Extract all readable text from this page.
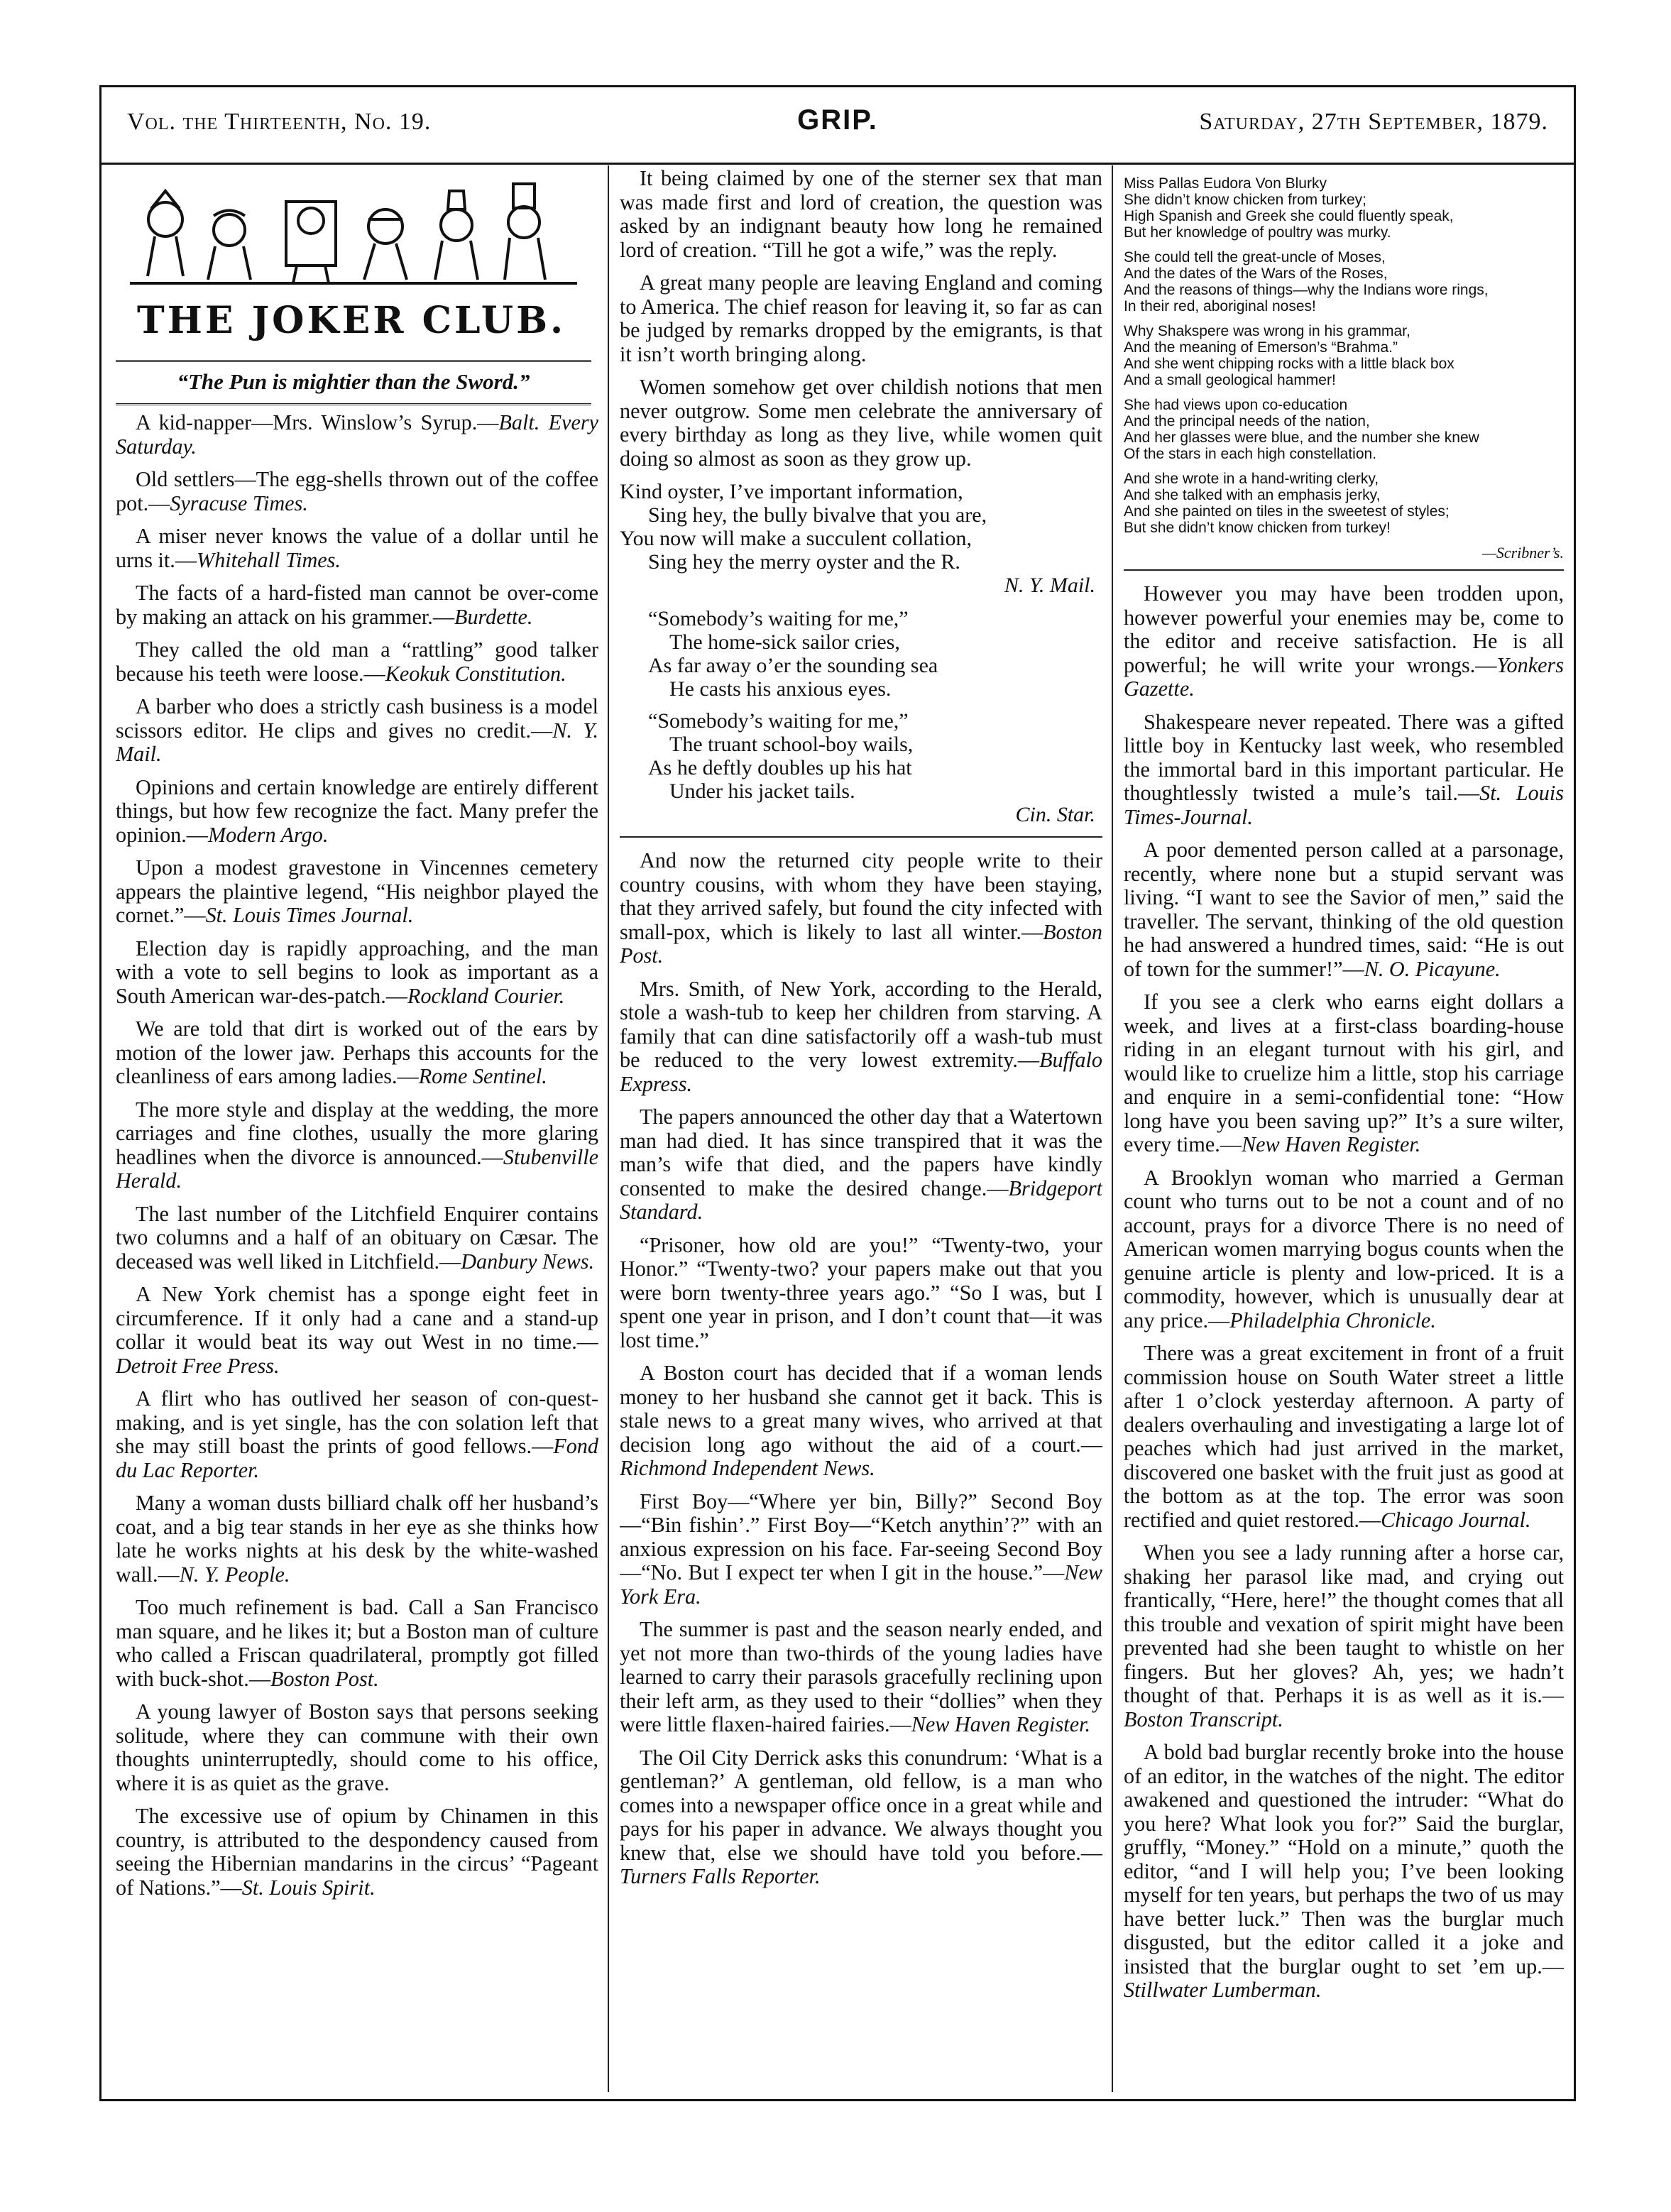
Vol. the Thirteenth, No. 19.	GRIP.	Saturday, 27th September, 1879.
THE JOKER CLUB.
“The Pun is mightier than the Sword.”

A kid-napper—Mrs. Winslow’s Syrup.—Balt. Every Saturday.

Old settlers—The egg-shells thrown out of the coffee pot.—Syracuse Times.

A miser never knows the value of a dollar until he urns it.—Whitehall Times.

The facts of a hard-fisted man cannot be over-come by making an attack on his grammer.—Burdette.

They called the old man a “rattling” good talker because his teeth were loose.—Keokuk Constitution.

A barber who does a strictly cash business is a model scissors editor. He clips and gives no credit.—N. Y. Mail.

Opinions and certain knowledge are entirely different things, but how few recognize the fact. Many prefer the opinion.—Modern Argo.

Upon a modest gravestone in Vincennes cemetery appears the plaintive legend, “His neighbor played the cornet.”—St. Louis Times Journal.

Election day is rapidly approaching, and the man with a vote to sell begins to look as important as a South American war-des-patch.—Rockland Courier.

We are told that dirt is worked out of the ears by motion of the lower jaw. Perhaps this accounts for the cleanliness of ears among ladies.—Rome Sentinel.

The more style and display at the wedding, the more carriages and fine clothes, usually the more glaring headlines when the divorce is announced.—Stubenville Herald.

The last number of the Litchfield Enquirer contains two columns and a half of an obituary on Cæsar. The deceased was well liked in Litchfield.—Danbury News.

A New York chemist has a sponge eight feet in circumference. If it only had a cane and a stand-up collar it would beat its way out West in no time.—Detroit Free Press.

A flirt who has outlived her season of con-quest-making, and is yet single, has the con solation left that she may still boast the prints of good fellows.—Fond du Lac Reporter.

Many a woman dusts billiard chalk off her husband’s coat, and a big tear stands in her eye as she thinks how late he works nights at his desk by the white-washed wall.—N. Y. People.

Too much refinement is bad. Call a San Francisco man square, and he likes it; but a Boston man of culture who called a Friscan quadrilateral, promptly got filled with buck-shot.—Boston Post.

A young lawyer of Boston says that persons seeking solitude, where they can commune with their own thoughts uninterruptedly, should come to his office, where it is as quiet as the grave.

The excessive use of opium by Chinamen in this country, is attributed to the despondency caused from seeing the Hibernian mandarins in the circus’ “Pageant of Nations.”—St. Louis Spirit.

It being claimed by one of the sterner sex that man was made first and lord of creation, the question was asked by an indignant beauty how long he remained lord of creation. “Till he got a wife,” was the reply.

A great many people are leaving England and coming to America. The chief reason for leaving it, so far as can be judged by remarks dropped by the emigrants, is that it isn’t worth bringing along.

Women somehow get over childish notions that men never outgrow. Some men celebrate the anniversary of every birthday as long as they live, while women quit doing so almost as soon as they grow up.

Kind oyster, I’ve important information,
Sing hey, the bully bivalve that you are,
You now will make a succulent collation,
Sing hey the merry oyster and the R.
N. Y. Mail.
“Somebody’s waiting for me,”
The home-sick sailor cries,
As far away o’er the sounding sea
He casts his anxious eyes.
“Somebody’s waiting for me,”
The truant school-boy wails,
As he deftly doubles up his hat
Under his jacket tails.
Cin. Star.

And now the returned city people write to their country cousins, with whom they have been staying, that they arrived safely, but found the city infected with small-pox, which is likely to last all winter.—Boston Post.

Mrs. Smith, of New York, according to the Herald, stole a wash-tub to keep her children from starving. A family that can dine satisfactorily off a wash-tub must be reduced to the very lowest extremity.—Buffalo Express.

The papers announced the other day that a Watertown man had died. It has since transpired that it was the man’s wife that died, and the papers have kindly consented to make the desired change.—Bridgeport Standard.

“Prisoner, how old are you!” “Twenty-two, your Honor.” “Twenty-two? your papers make out that you were born twenty-three years ago.” “So I was, but I spent one year in prison, and I don’t count that—it was lost time.”

A Boston court has decided that if a woman lends money to her husband she cannot get it back. This is stale news to a great many wives, who arrived at that decision long ago without the aid of a court.—Richmond Independent News.

First Boy—“Where yer bin, Billy?” Second Boy—“Bin fishin’.” First Boy—“Ketch anythin’?” with an anxious expression on his face. Far-seeing Second Boy—“No. But I expect ter when I git in the house.”—New York Era.

The summer is past and the season nearly ended, and yet not more than two-thirds of the young ladies have learned to carry their parasols gracefully reclining upon their left arm, as they used to their “dollies” when they were little flaxen-haired fairies.—New Haven Register.

The Oil City Derrick asks this conundrum: ‘What is a gentleman?’ A gentleman, old fellow, is a man who comes into a newspaper office once in a great while and pays for his paper in advance. We always thought you knew that, else we should have told you before.—Turners Falls Reporter.

Miss Pallas Eudora Von Blurky
She didn’t know chicken from turkey;
High Spanish and Greek she could fluently speak,
But her knowledge of poultry was murky.
She could tell the great-uncle of Moses,
And the dates of the Wars of the Roses,
And the reasons of things—why the Indians wore rings,
In their red, aboriginal noses!
Why Shakspere was wrong in his grammar,
And the meaning of Emerson’s “Brahma.”
And she went chipping rocks with a little black box
And a small geological hammer!
She had views upon co-education
And the principal needs of the nation,
And her glasses were blue, and the number she knew
Of the stars in each high constellation.
And she wrote in a hand-writing clerky,
And she talked with an emphasis jerky,
And she painted on tiles in the sweetest of styles;
But she didn’t know chicken from turkey!
—Scribner’s.

However you may have been trodden upon, however powerful your enemies may be, come to the editor and receive satisfaction. He is all powerful; he will write your wrongs.—Yonkers Gazette.

Shakespeare never repeated. There was a gifted little boy in Kentucky last week, who resembled the immortal bard in this important particular. He thoughtlessly twisted a mule’s tail.—St. Louis Times-Journal.

A poor demented person called at a parsonage, recently, where none but a stupid servant was living. “I want to see the Savior of men,” said the traveller. The servant, thinking of the old question he had answered a hundred times, said: “He is out of town for the summer!”—N. O. Picayune.

If you see a clerk who earns eight dollars a week, and lives at a first-class boarding-house riding in an elegant turnout with his girl, and would like to cruelize him a little, stop his carriage and enquire in a semi-confidential tone: “How long have you been saving up?” It’s a sure wilter, every time.—New Haven Register.

A Brooklyn woman who married a German count who turns out to be not a count and of no account, prays for a divorce There is no need of American women marrying bogus counts when the genuine article is plenty and low-priced. It is a commodity, however, which is unusually dear at any price.—Philadelphia Chronicle.

There was a great excitement in front of a fruit commission house on South Water street a little after 1 o’clock yesterday afternoon. A party of dealers overhauling and investigating a large lot of peaches which had just arrived in the market, discovered one basket with the fruit just as good at the bottom as at the top. The error was soon rectified and quiet restored.—Chicago Journal.

When you see a lady running after a horse car, shaking her parasol like mad, and crying out frantically, “Here, here!” the thought comes that all this trouble and vexation of spirit might have been prevented had she been taught to whistle on her fingers. But her gloves? Ah, yes; we hadn’t thought of that. Perhaps it is as well as it is.—Boston Transcript.

A bold bad burglar recently broke into the house of an editor, in the watches of the night. The editor awakened and questioned the intruder: “What do you here? What look you for?” Said the burglar, gruffly, “Money.” “Hold on a minute,” quoth the editor, “and I will help you; I’ve been looking myself for ten years, but perhaps the two of us may have better luck.” Then was the burglar much disgusted, but the editor called it a joke and insisted that the burglar ought to set ’em up.—Stillwater Lumberman.
